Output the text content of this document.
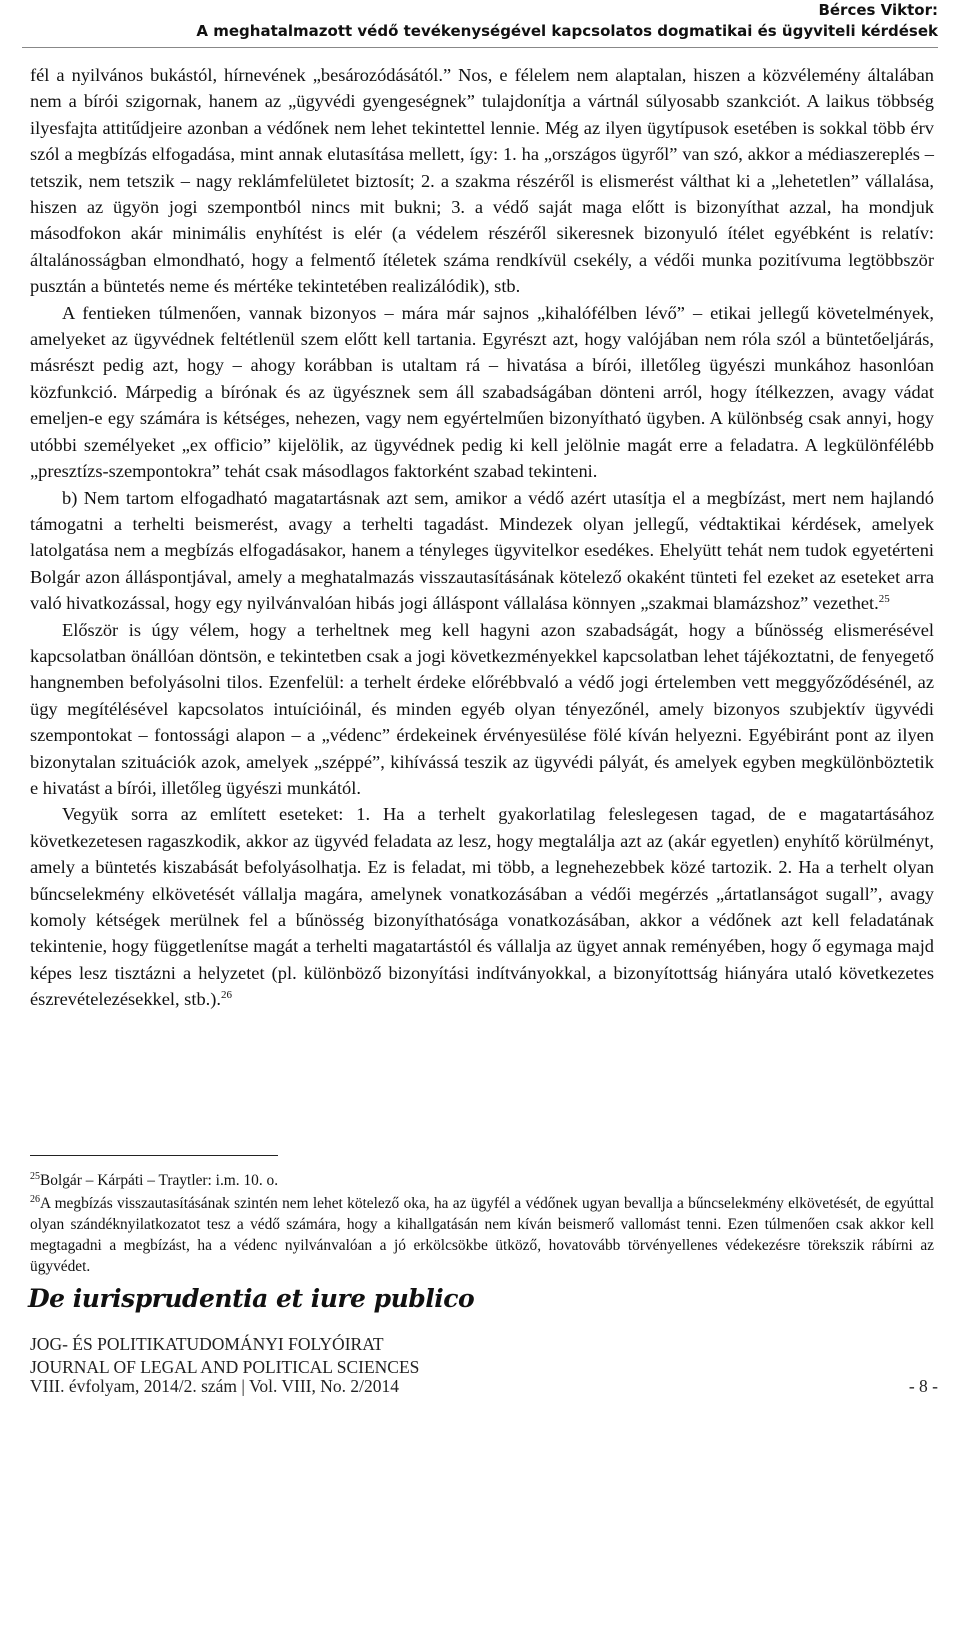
Bérces Viktor:
A meghatalmazott védő tevékenységével kapcsolatos dogmatikai és ügyviteli kérdések

fél a nyilvános bukástól, hírnevének „besározódásától.” Nos, e félelem nem alaptalan, hiszen a közvélemény általában nem a bírói szigornak, hanem az „ügyvédi gyengeségnek” tulajdonítja a vártnál súlyosabb szankciót. A laikus többség ilyesfajta attitűdjeire azonban a védőnek nem lehet tekintettel lennie. Még az ilyen ügytípusok esetében is sokkal több érv szól a megbízás elfogadása, mint annak elutasítása mellett, így: 1. ha „országos ügyről” van szó, akkor a médiaszereplés – tetszik, nem tetszik – nagy reklámfelületet biztosít; 2. a szakma részéről is elismerést válthat ki a „lehetetlen” vállalása, hiszen az ügyön jogi szempontból nincs mit bukni; 3. a védő saját maga előtt is bizonyíthat azzal, ha mondjuk másodfokon akár minimális enyhítést is elér (a védelem részéről sikeresnek bizonyuló ítélet egyébként is relatív: általánosságban elmondható, hogy a felmentő ítéletek száma rendkívül csekély, a védői munka pozitívuma legtöbbször pusztán a büntetés neme és mértéke tekintetében realizálódik), stb.

A fentieken túlmenően, vannak bizonyos – mára már sajnos „kihalófélben lévő” – etikai jellegű követelmények, amelyeket az ügyvédnek feltétlenül szem előtt kell tartania. Egyrészt azt, hogy valójában nem róla szól a büntetőeljárás, másrészt pedig azt, hogy – ahogy korábban is utaltam rá – hivatása a bírói, illetőleg ügyészi munkához hasonlóan közfunkció. Márpedig a bírónak és az ügyésznek sem áll szabadságában dönteni arról, hogy ítélkezzen, avagy vádat emeljen-e egy számára is kétséges, nehezen, vagy nem egyértelműen bizonyítható ügyben. A különbség csak annyi, hogy utóbbi személyeket „ex officio” kijelölik, az ügyvédnek pedig ki kell jelölnie magát erre a feladatra. A legkülönfélébb „presztízs-szempontokra” tehát csak másodlagos faktorként szabad tekinteni.

b) Nem tartom elfogadható magatartásnak azt sem, amikor a védő azért utasítja el a megbízást, mert nem hajlandó támogatni a terhelti beismerést, avagy a terhelti tagadást. Mindezek olyan jellegű, védtaktikai kérdések, amelyek latolgatása nem a megbízás elfogadásakor, hanem a tényleges ügyvitelkor esedékes. Ehelyütt tehát nem tudok egyetérteni Bolgár azon álláspontjával, amely a meghatalmazás visszautasításának kötelező okaként tünteti fel ezeket az eseteket arra való hivatkozással, hogy egy nyilvánvalóan hibás jogi álláspont vállalása könnyen „szakmai blamázshoz” vezethet.$^{25}$

Először is úgy vélem, hogy a terheltnek meg kell hagyni azon szabadságát, hogy a bűnösség elismerésével kapcsolatban önállóan döntsön, e tekintetben csak a jogi következményekkel kapcsolatban lehet tájékoztatni, de fenyegető hangnemben befolyásolni tilos. Ezenfelül: a terhelt érdeke előrébbvaló a védő jogi értelemben vett meggyőződésénél, az ügy megítélésével kapcsolatos intuícióinál, és minden egyéb olyan tényezőnél, amely bizonyos szubjektív ügyvédi szempontokat – fontossági alapon – a „védenc” érdekeinek érvényesülése fölé kíván helyezni. Egyébiránt pont az ilyen bizonytalan szituációk azok, amelyek „széppé”, kihívássá teszik az ügyvédi pályát, és amelyek egyben megkülönböztetik e hivatást a bírói, illetőleg ügyészi munkától.

Vegyük sorra az említett eseteket: 1. Ha a terhelt gyakorlatilag feleslegesen tagad, de e magatartásához következetesen ragaszkodik, akkor az ügyvéd feladata az lesz, hogy megtalálja azt az (akár egyetlen) enyhítő körülményt, amely a büntetés kiszabását befolyásolhatja. Ez is feladat, mi több, a legnehezebbek közé tartozik. 2. Ha a terhelt olyan bűncselekmény elkövetését vállalja magára, amelynek vonatkozásában a védői megérzés „ártatlanságot sugall”, avagy komoly kétségek merülnek fel a bűnösség bizonyíthatósága vonatkozásában, akkor a védőnek azt kell feladatának tekintenie, hogy függetlenítse magát a terhelti magatartástól és vállalja az ügyet annak reményében, hogy ő egymaga majd képes lesz tisztázni a helyzetet (pl. különböző bizonyítási indítványokkal, a bizonyítottság hiányára utaló következetes észrevételezésekkel, stb.).$^{26}$

$^{25}$Bolgár – Kárpáti – Traytler: i.m. 10. o.

$^{26}$A megbízás visszautasításának szintén nem lehet kötelező oka, ha az ügyfél a védőnek ugyan bevallja a bűncselekmény elkövetését, de egyúttal olyan szándéknyilatkozatot tesz a védő számára, hogy a kihallgatásán nem kíván beismerő vallomást tenni. Ezen túlmenően csak akkor kell megtagadni a megbízást, ha a védenc nyilvánvalóan a jó erkölcsökbe ütköző, hovatovább törvényellenes védekezésre törekszik rábírni az ügyvédet.

De iurisprudentia et iure publico
JOG- ÉS POLITIKATUDOMÁNYI FOLYÓIRAT
JOURNAL OF LEGAL AND POLITICAL SCIENCES
VIII. évfolyam, 2014/2. szám | Vol. VIII, No. 2/2014	- 8 -
